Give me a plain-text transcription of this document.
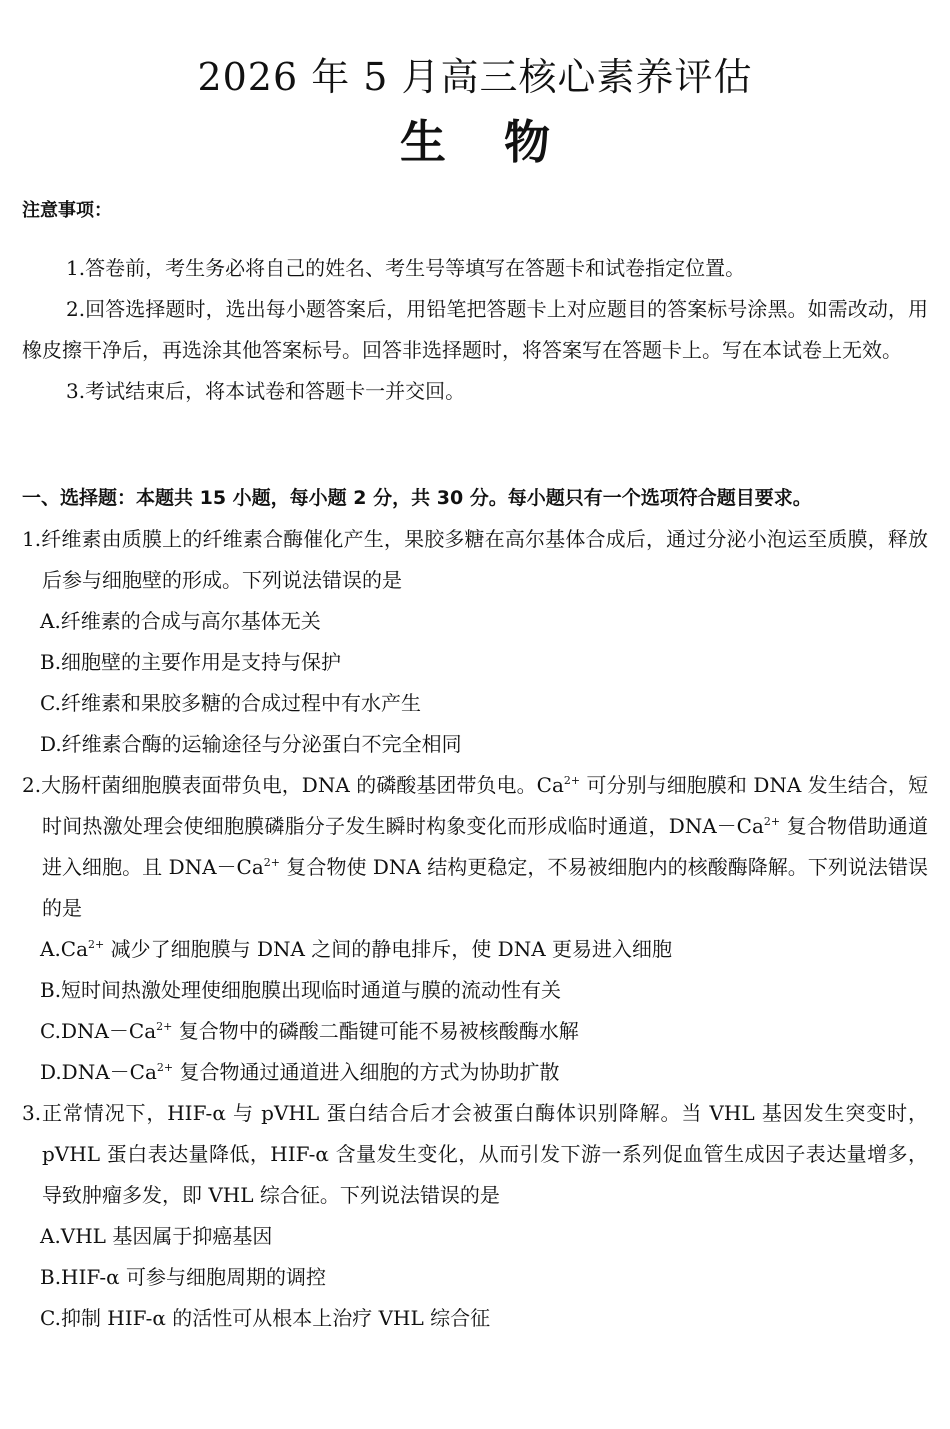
2026 年 5 月高三核心素养评估
生 物
注意事项：

1.答卷前，考生务必将自己的姓名、考生号等填写在答题卡和试卷指定位置。

2.回答选择题时，选出每小题答案后，用铅笔把答题卡上对应题目的答案标号涂黑。如需改动，用橡皮擦干净后，再选涂其他答案标号。回答非选择题时，将答案写在答题卡上。写在本试卷上无效。

3.考试结束后，将本试卷和答题卡一并交回。

一、选择题：本题共 15 小题，每小题 2 分，共 30 分。每小题只有一个选项符合题目要求。

1.纤维素由质膜上的纤维素合酶催化产生，果胶多糖在高尔基体合成后，通过分泌小泡运至质膜，释放后参与细胞壁的形成。下列说法错误的是

A.纤维素的合成与高尔基体无关

B.细胞壁的主要作用是支持与保护

C.纤维素和果胶多糖的合成过程中有水产生

D.纤维素合酶的运输途径与分泌蛋白不完全相同

2.大肠杆菌细胞膜表面带负电，DNA 的磷酸基团带负电。$Ca^{2+}$ 可分别与细胞膜和 DNA 发生结合，短时间热激处理会使细胞膜磷脂分子发生瞬时构象变化而形成临时通道，$DNA-Ca^{2+}$ 复合物借助通道进入细胞。且 $DNA-Ca^{2+}$ 复合物使 DNA 结构更稳定，不易被细胞内的核酸酶降解。下列说法错误的是

$A.Ca^{2+}$ 减少了细胞膜与 DNA 之间的静电排斥，使 DNA 更易进入细胞

B.短时间热激处理使细胞膜出现临时通道与膜的流动性有关

$C.DNA-Ca^{2+}$ 复合物中的磷酸二酯键可能不易被核酸酶水解

$D.DNA-Ca^{2+}$ 复合物通过通道进入细胞的方式为协助扩散

3.正常情况下，HIF-α 与 pVHL 蛋白结合后才会被蛋白酶体识别降解。当 VHL 基因发生突变时，pVHL 蛋白表达量降低，HIF-α 含量发生变化，从而引发下游一系列促血管生成因子表达量增多，导致肿瘤多发，即 VHL 综合征。下列说法错误的是

A.VHL 基因属于抑癌基因

B.HIF-α 可参与细胞周期的调控

C.抑制 HIF-α 的活性可从根本上治疗 VHL 综合征
